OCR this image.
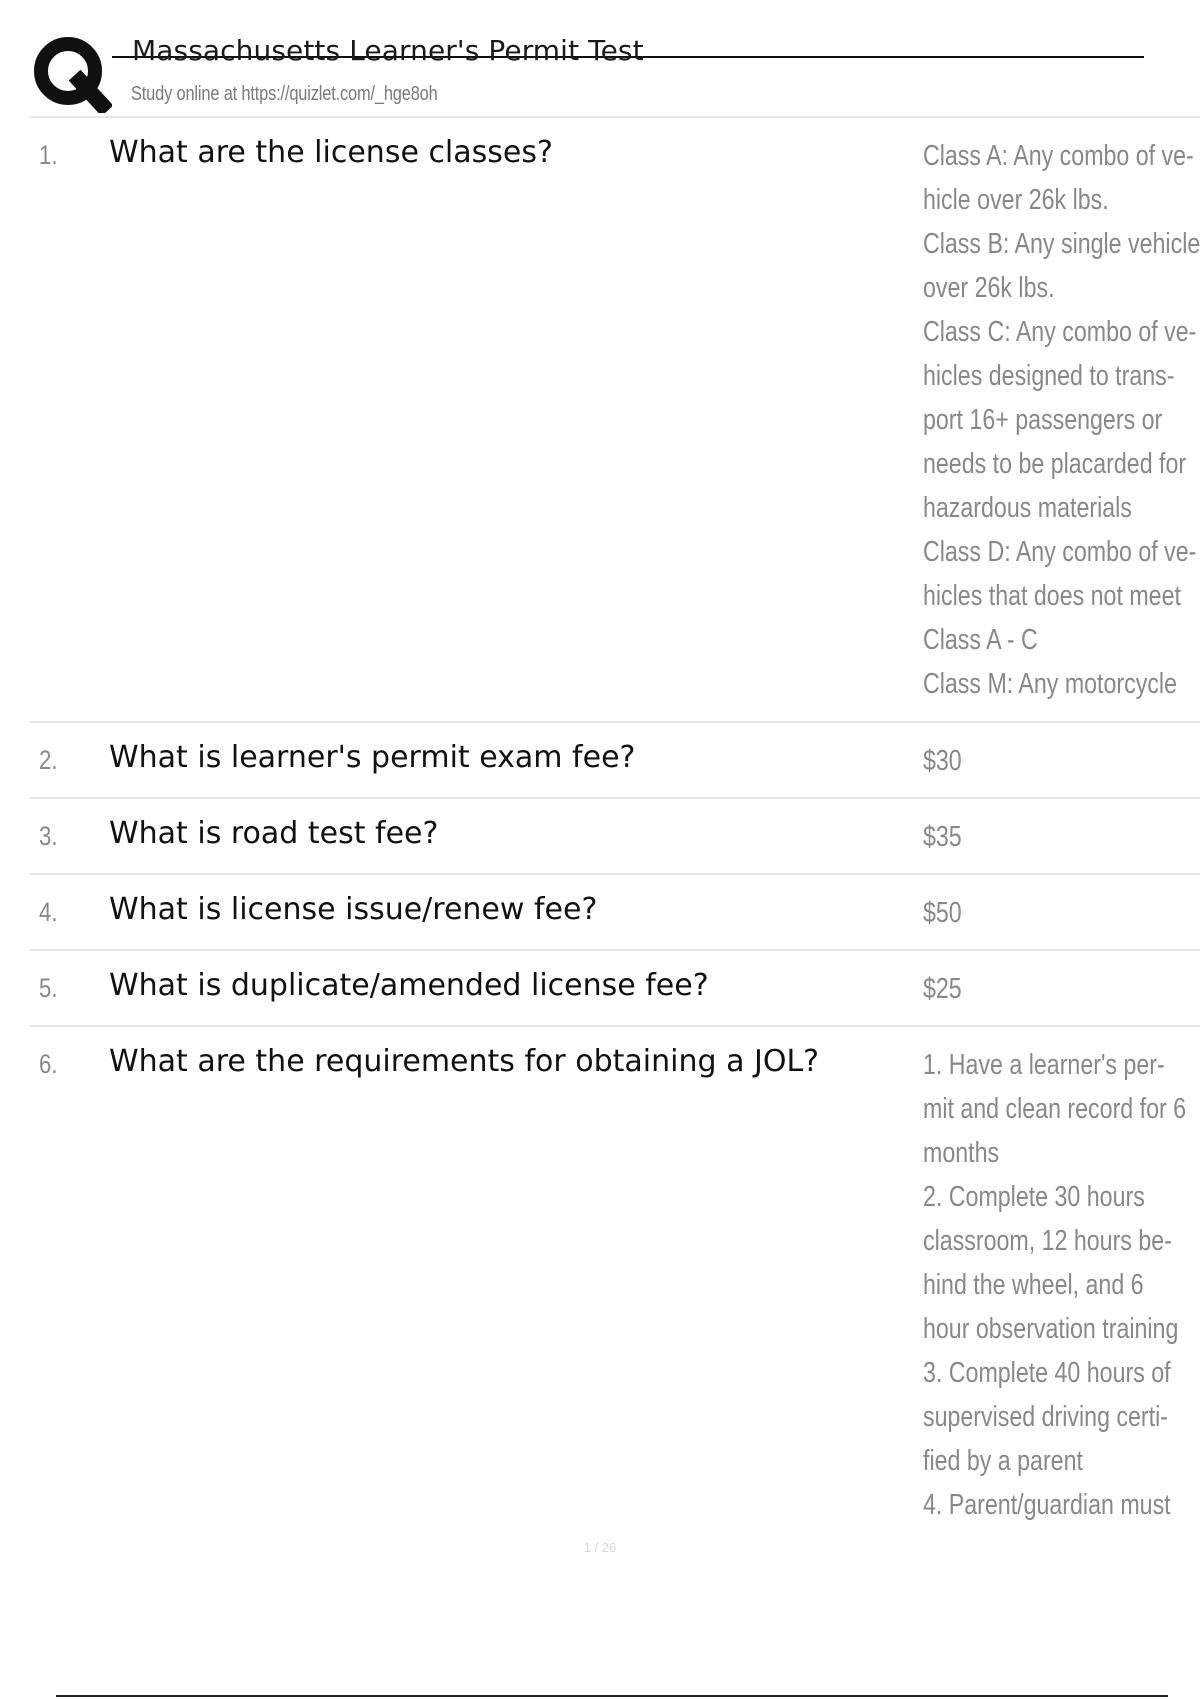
Massachusetts Learner's Permit Test
Study online at https://quizlet.com/_hge8oh
1. What are the license classes?	Class A: Any combo of ve-
hicle over 26k lbs.
Class B: Any single vehicle
over 26k lbs.
Class C: Any combo of ve-
hicles designed to trans-
port 16+ passengers or
needs to be placarded for
hazardous materials
Class D: Any combo of ve-
hicles that does not meet
Class A - C
Class M: Any motorcycle
2. What is learner's permit exam fee?	$30
3. What is road test fee?	$35
4. What is license issue/renew fee?	$50
5. What is duplicate/amended license fee?	$25
6. What are the requirements for obtaining a JOL?	1. Have a learner's per-
mit and clean record for 6
months
2. Complete 30 hours
classroom, 12 hours be-
hind the wheel, and 6
hour observation training
3. Complete 40 hours of
supervised driving certi-
fied by a parent
4. Parent/guardian must
1 / 26
